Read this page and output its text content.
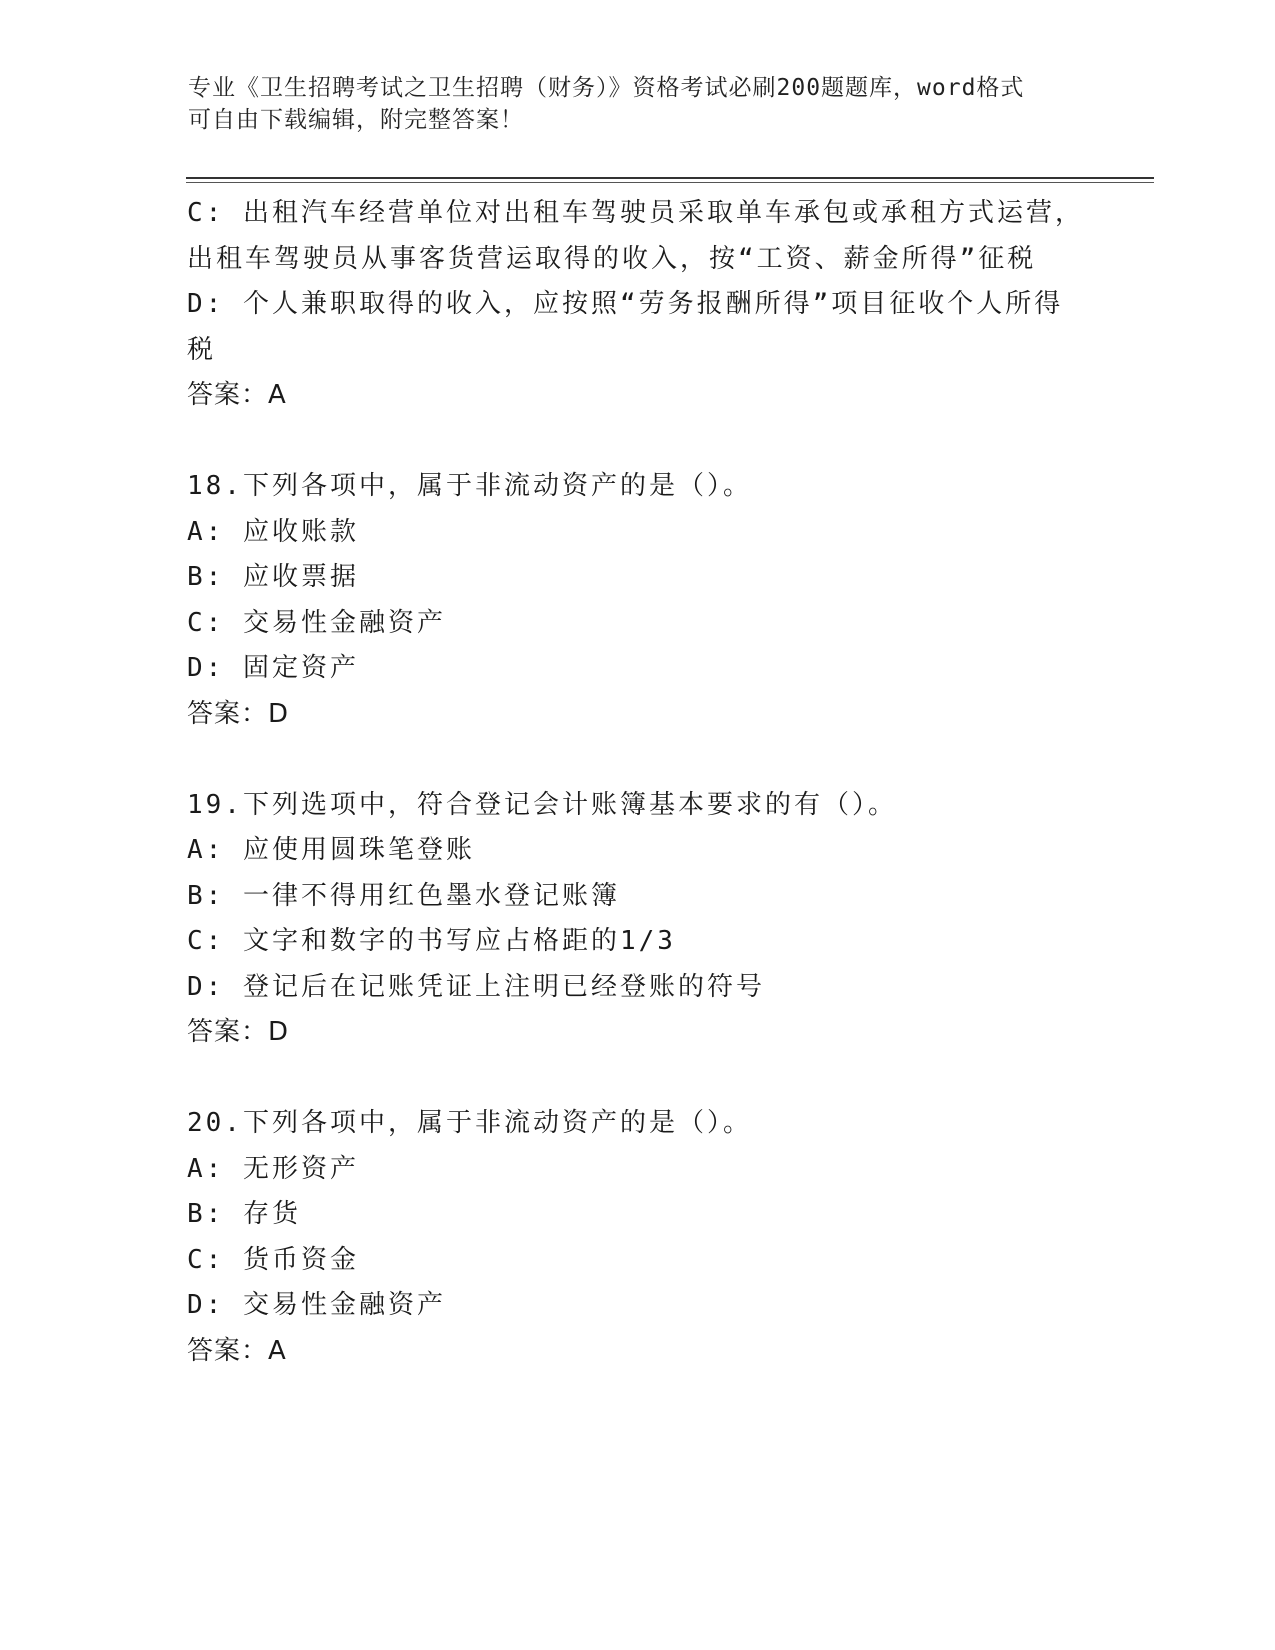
专业《卫生招聘考试之卫生招聘（财务）》资格考试必刷200题题库，word格式
可自由下载编辑，附完整答案！
C: 出租汽车经营单位对出租车驾驶员采取单车承包或承租方式运营，
出租车驾驶员从事客货营运取得的收入，按“工资、薪金所得”征税
D: 个人兼职取得的收入，应按照“劳务报酬所得”项目征收个人所得
税
答案：A
18.下列各项中，属于非流动资产的是（）。
A: 应收账款
B: 应收票据
C: 交易性金融资产
D: 固定资产
答案：D
19.下列选项中，符合登记会计账簿基本要求的有（）。
A: 应使用圆珠笔登账
B: 一律不得用红色墨水登记账簿
C: 文字和数字的书写应占格距的1/3
D: 登记后在记账凭证上注明已经登账的符号
答案：D
20.下列各项中，属于非流动资产的是（）。
A: 无形资产
B: 存货
C: 货币资金
D: 交易性金融资产
答案：A
